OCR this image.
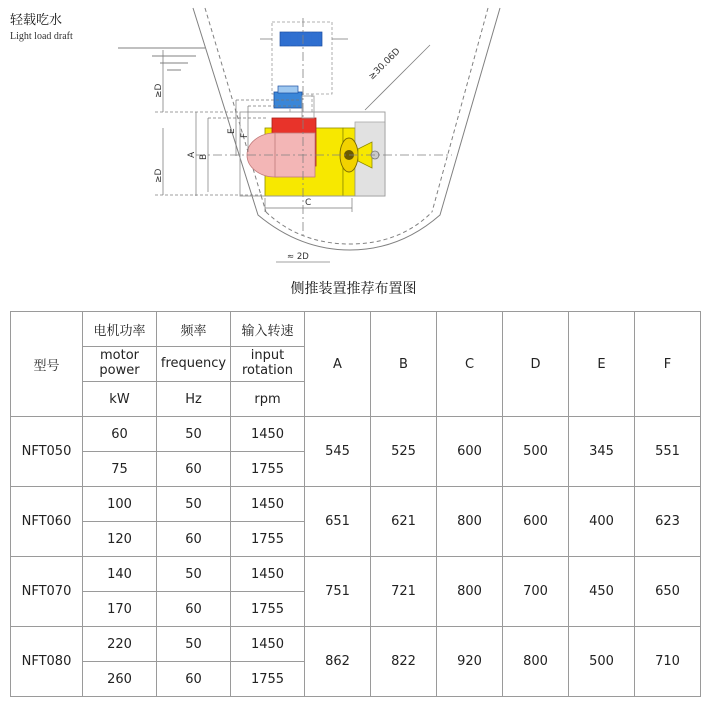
≥D
≥D
≥30.06D
≈ 2D
A B
E
F
C
轻载吃水
Light load draft
侧推装置推荐布置图
型号	电机功率	频率	输入转速	A	B	C	D	E	F
	motor power	frequency	input rotation						
	kW	Hz	rpm						
NFT050	60	50	1450	545	525	600	500	345	551
	75	60	1755						
NFT060	100	50	1450	651	621	800	600	400	623
	120	60	1755						
NFT070	140	50	1450	751	721	800	700	450	650
	170	60	1755						
NFT080	220	50	1450	862	822	920	800	500	710
	260	60	1755						
